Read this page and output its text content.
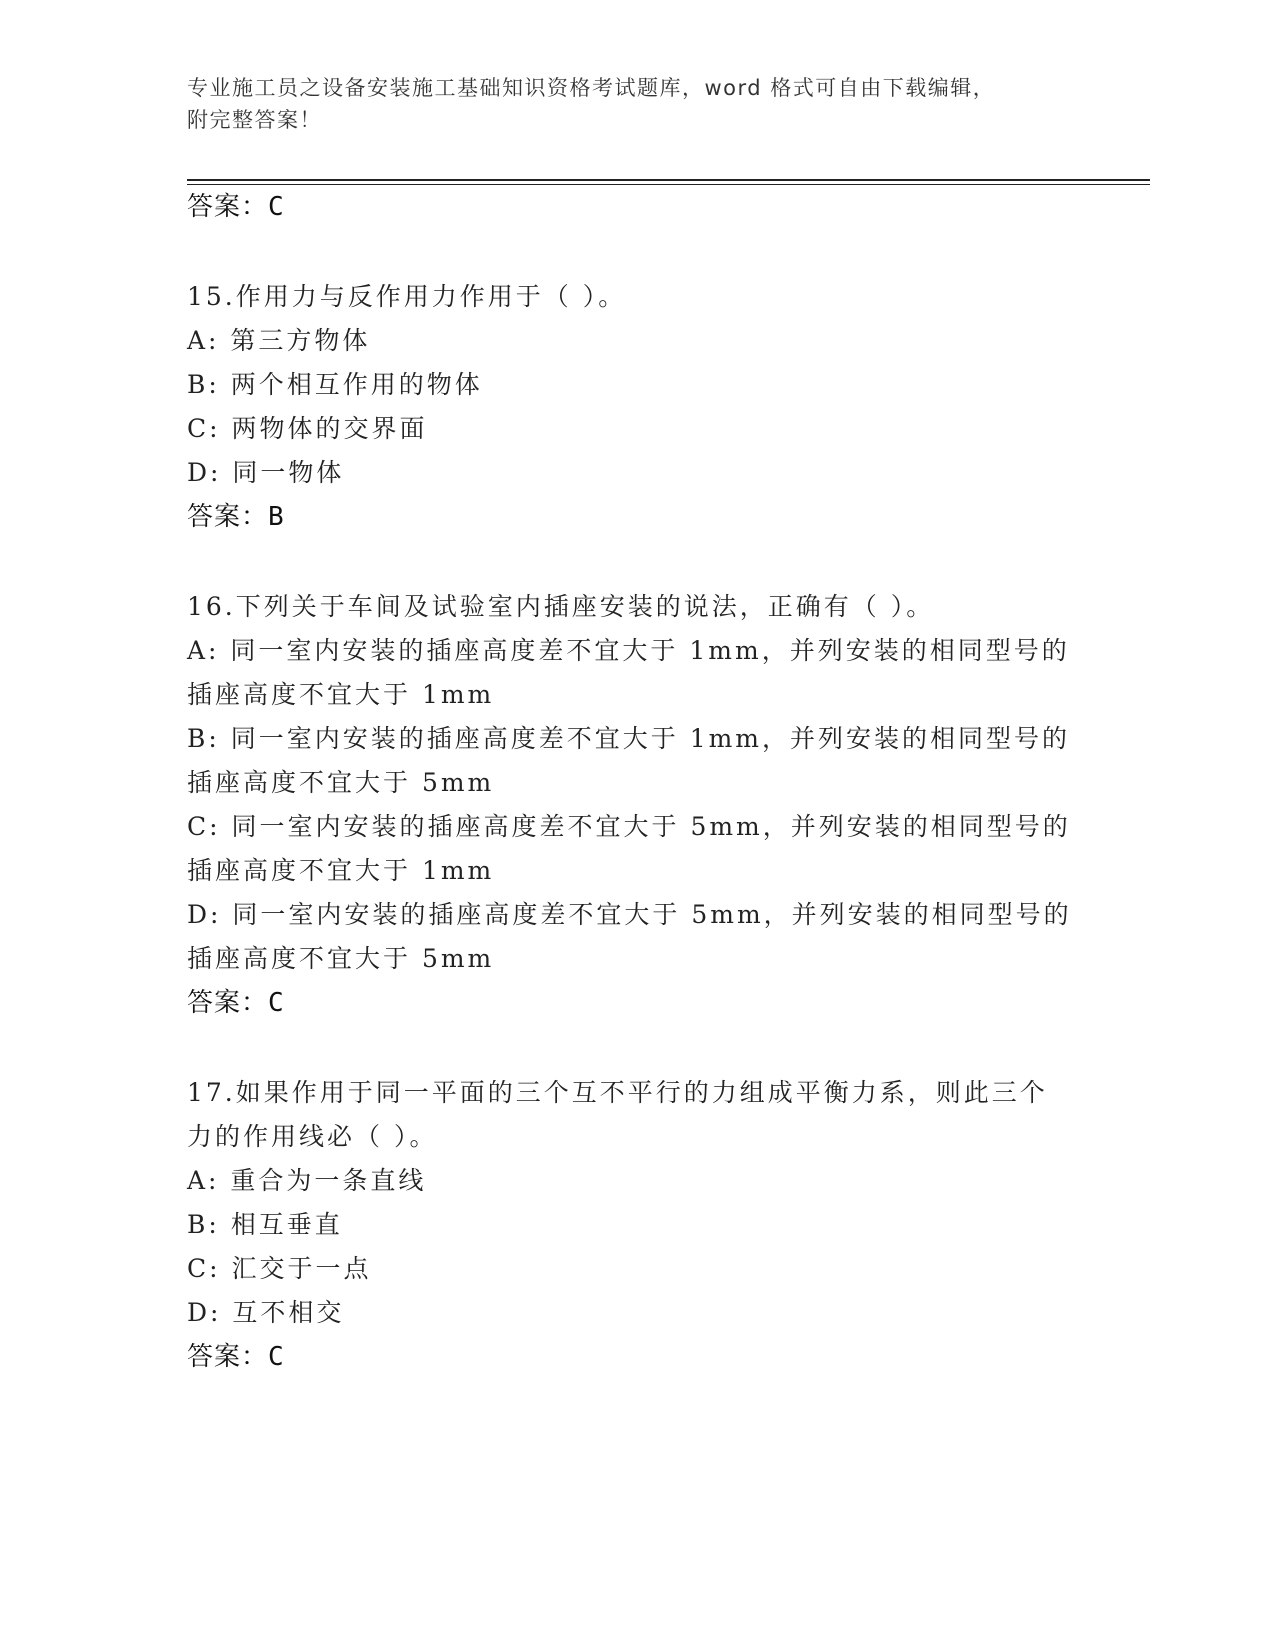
专业施工员之设备安装施工基础知识资格考试题库，word 格式可自由下载编辑，
附完整答案！
答案：C
15.作用力与反作用力作用于（ ）。
A: 第三方物体
B: 两个相互作用的物体
C: 两物体的交界面
D: 同一物体
答案：B
16.下列关于车间及试验室内插座安装的说法，正确有（ ）。
A: 同一室内安装的插座高度差不宜大于 1mm，并列安装的相同型号的
插座高度不宜大于 1mm
B: 同一室内安装的插座高度差不宜大于 1mm，并列安装的相同型号的
插座高度不宜大于 5mm
C: 同一室内安装的插座高度差不宜大于 5mm，并列安装的相同型号的
插座高度不宜大于 1mm
D: 同一室内安装的插座高度差不宜大于 5mm，并列安装的相同型号的
插座高度不宜大于 5mm
答案：C
17.如果作用于同一平面的三个互不平行的力组成平衡力系，则此三个
力的作用线必（ ）。
A: 重合为一条直线
B: 相互垂直
C: 汇交于一点
D: 互不相交
答案：C
